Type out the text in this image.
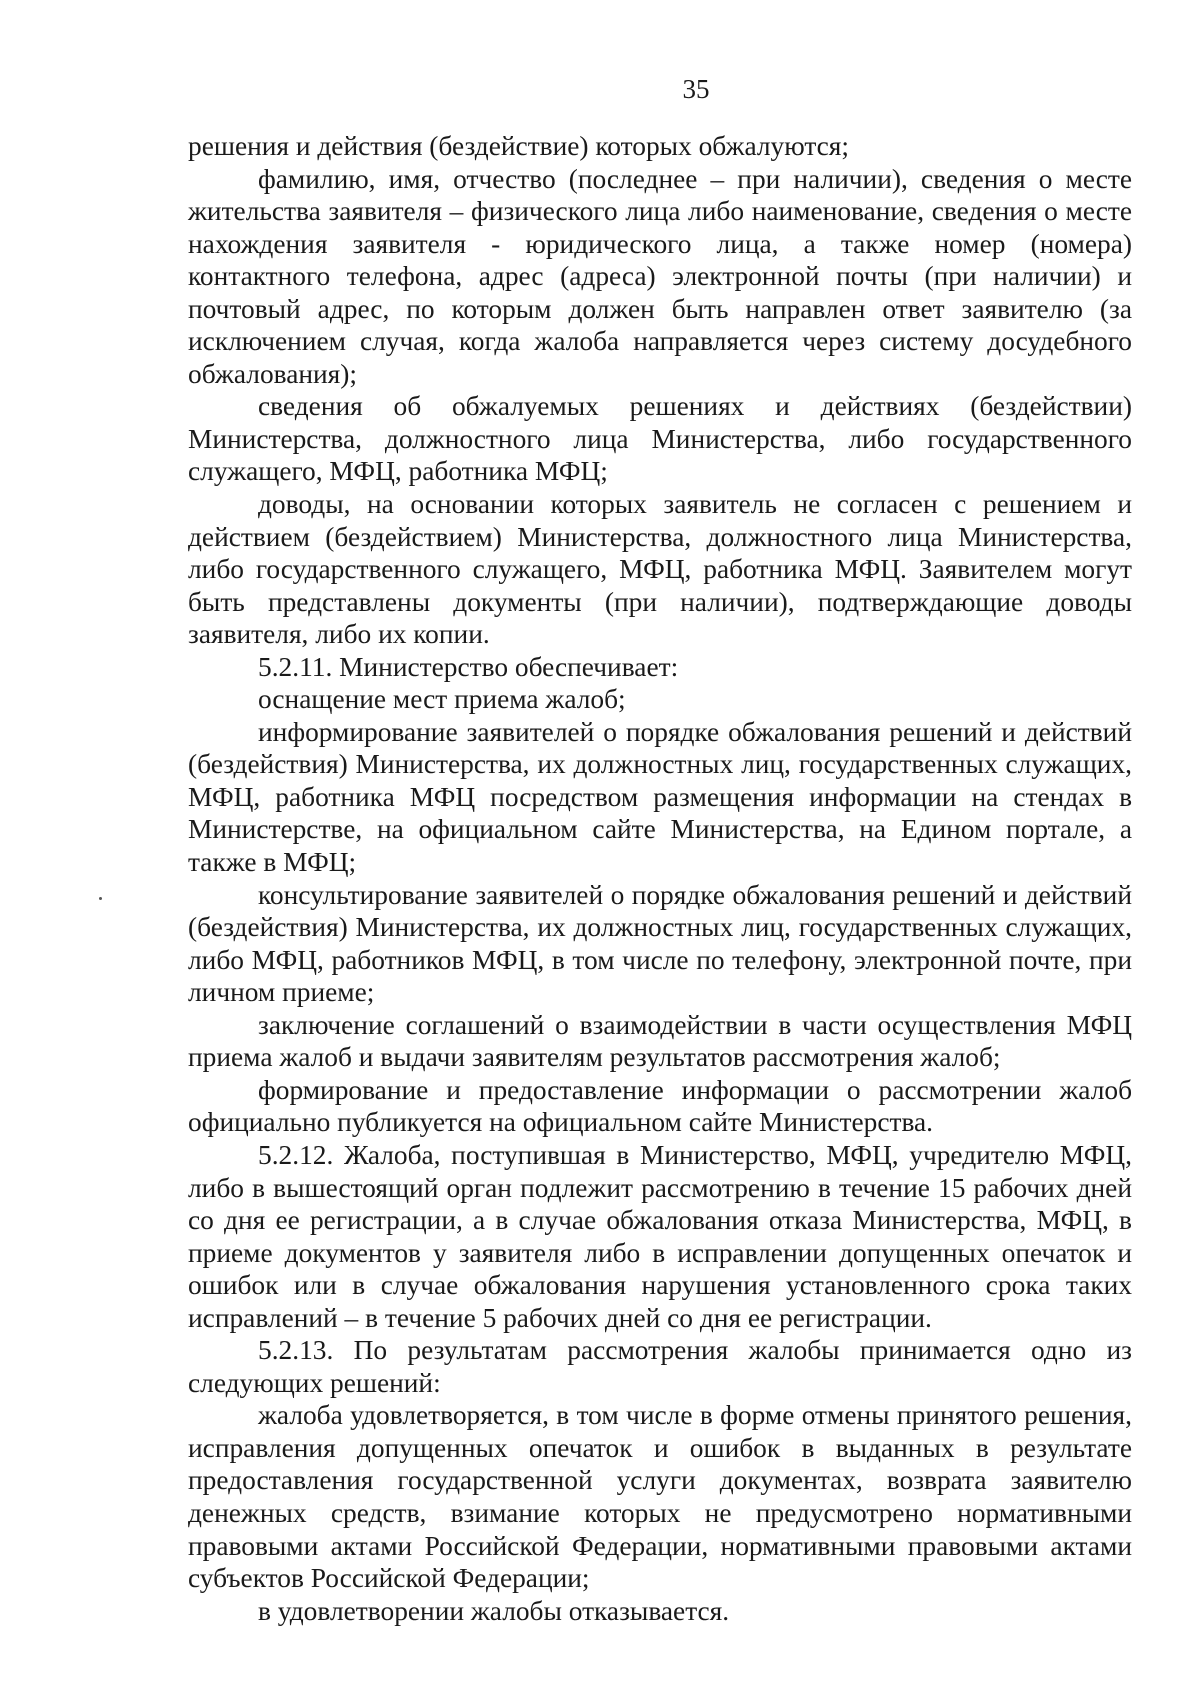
35

решения и действия (бездействие) которых обжалуются;

фамилию, имя, отчество (последнее – при наличии), сведения о месте жительства заявителя – физического лица либо наименование, сведения о месте нахождения заявителя - юридического лица, а также номер (номера) контактного телефона, адрес (адреса) электронной почты (при наличии) и почтовый адрес, по которым должен быть направлен ответ заявителю (за исключением случая, когда жалоба направляется через систему досудебного обжалования);

сведения об обжалуемых решениях и действиях (бездействии) Министерства, должностного лица Министерства, либо государственного служащего, МФЦ, работника МФЦ;

доводы, на основании которых заявитель не согласен с решением и действием (бездействием) Министерства, должностного лица Министерства, либо государственного служащего, МФЦ, работника МФЦ. Заявителем могут быть представлены документы (при наличии), подтверждающие доводы заявителя, либо их копии.

5.2.11. Министерство обеспечивает:

оснащение мест приема жалоб;

информирование заявителей о порядке обжалования решений и действий (бездействия) Министерства, их должностных лиц, государственных служащих, МФЦ, работника МФЦ посредством размещения информации на стендах в Министерстве, на официальном сайте Министерства, на Едином портале, а также в МФЦ;

консультирование заявителей о порядке обжалования решений и действий (бездействия) Министерства, их должностных лиц, государственных служащих, либо МФЦ, работников МФЦ, в том числе по телефону, электронной почте, при личном приеме;

заключение соглашений о взаимодействии в части осуществления МФЦ приема жалоб и выдачи заявителям результатов рассмотрения жалоб;

формирование и предоставление информации о рассмотрении жалоб официально публикуется на официальном сайте Министерства.

5.2.12. Жалоба, поступившая в Министерство, МФЦ, учредителю МФЦ, либо в вышестоящий орган подлежит рассмотрению в течение 15 рабочих дней со дня ее регистрации, а в случае обжалования отказа Министерства, МФЦ, в приеме документов у заявителя либо в исправлении допущенных опечаток и ошибок или в случае обжалования нарушения установленного срока таких исправлений – в течение 5 рабочих дней со дня ее регистрации.

5.2.13. По результатам рассмотрения жалобы принимается одно из следующих решений:

жалоба удовлетворяется, в том числе в форме отмены принятого решения, исправления допущенных опечаток и ошибок в выданных в результате предоставления государственной услуги документах, возврата заявителю денежных средств, взимание которых не предусмотрено нормативными правовыми актами Российской Федерации, нормативными правовыми актами субъектов Российской Федерации;

в удовлетворении жалобы отказывается.
